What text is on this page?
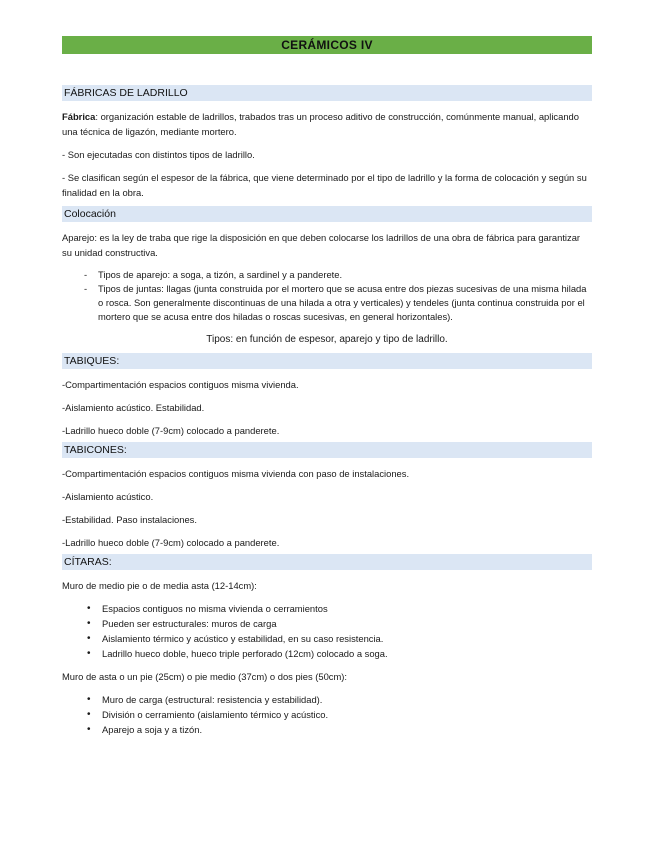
CERÁMICOS IV
FÁBRICAS DE LADRILLO

Fábrica: organización estable de ladrillos, trabados tras un proceso aditivo de construcción, comúnmente manual, aplicando una técnica de ligazón, mediante mortero.

- Son ejecutadas con distintos tipos de ladrillo.

- Se clasifican según el espesor de la fábrica, que viene determinado por el tipo de ladrillo y la forma de colocación y según su finalidad en la obra.

Colocación

Aparejo: es la ley de traba que rige la disposición en que deben colocarse los ladrillos de una obra de fábrica para garantizar su unidad constructiva.

- Tipos de aparejo: a soga, a tizón, a sardinel y a panderete.
- Tipos de juntas: llagas (junta construida por el mortero que se acusa entre dos piezas sucesivas de una misma hilada o rosca. Son generalmente discontinuas de una hilada a otra y verticales) y tendeles (junta continua construida por el mortero que se acusa entre dos hiladas o roscas sucesivas, en general horizontales).

Tipos: en función de espesor, aparejo y tipo de ladrillo.

TABIQUES:

-Compartimentación espacios contiguos misma vivienda.

-Aislamiento acústico. Estabilidad.

-Ladrillo hueco doble (7-9cm) colocado a panderete.

TABICONES:

-Compartimentación espacios contiguos misma vivienda con paso de instalaciones.

-Aislamiento acústico.

-Estabilidad. Paso instalaciones.

-Ladrillo hueco doble (7-9cm) colocado a panderete.

CÍTARAS:

Muro de medio pie o de media asta (12-14cm):

• Espacios contiguos no misma vivienda o cerramientos
• Pueden ser estructurales: muros de carga
• Aislamiento térmico y acústico y estabilidad, en su caso resistencia.
• Ladrillo hueco doble, hueco triple perforado (12cm) colocado a soga.

Muro de asta o un pie (25cm) o pie medio (37cm) o dos pies (50cm):

• Muro de carga (estructural: resistencia y estabilidad).
• División o cerramiento (aislamiento térmico y acústico.
• Aparejo a soja y a tizón.
